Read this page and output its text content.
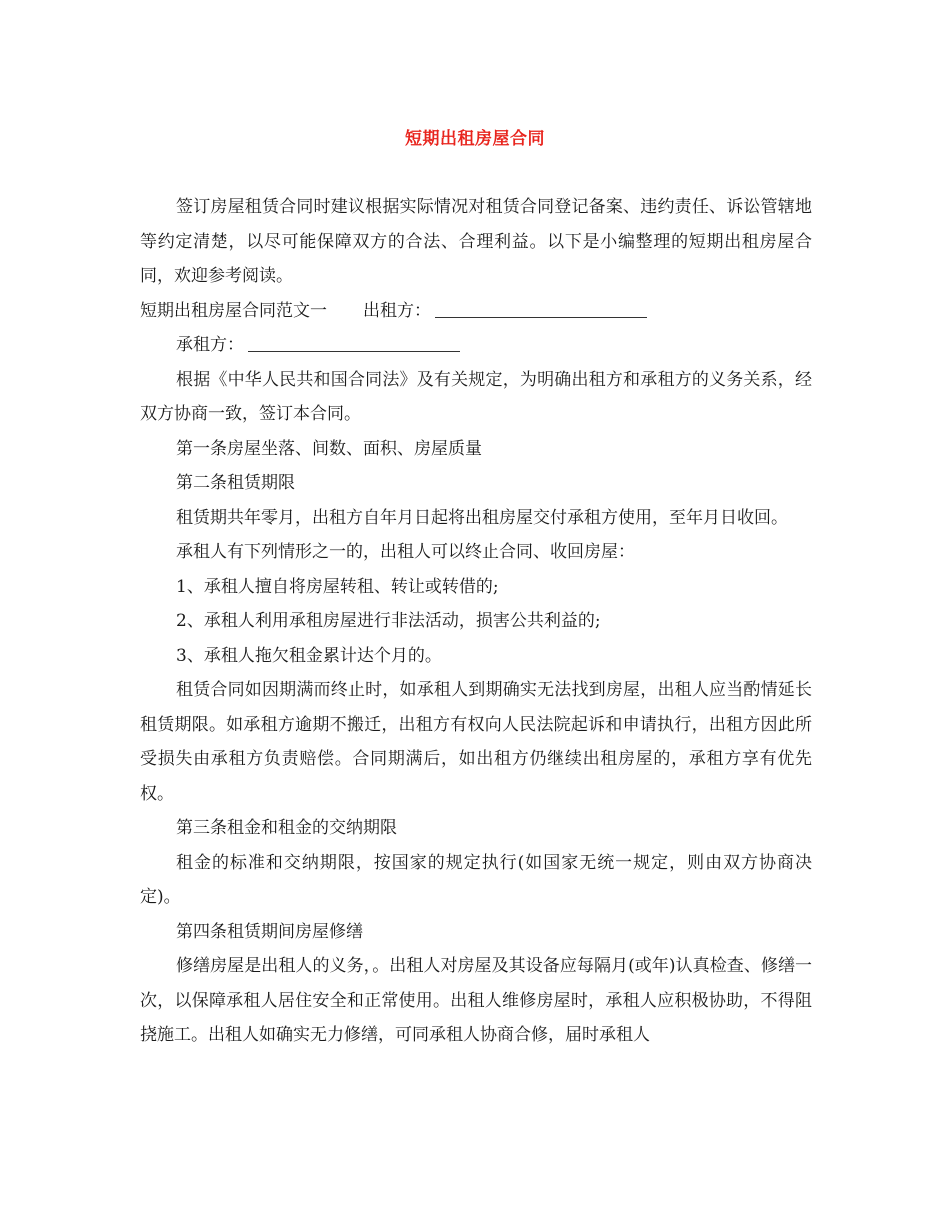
短期出租房屋合同

签订房屋租赁合同时建议根据实际情况对租赁合同登记备案、违约责任、诉讼管辖地等约定清楚，以尽可能保障双方的合法、合理利益。以下是小编整理的短期出租房屋合同，欢迎参考阅读。

短期出租房屋合同范文一 出租方：

承租方：

根据《中华人民共和国合同法》及有关规定，为明确出租方和承租方的义务关系，经双方协商一致，签订本合同。

第一条房屋坐落、间数、面积、房屋质量

第二条租赁期限

租赁期共年零月，出租方自年月日起将出租房屋交付承租方使用，至年月日收回。

承租人有下列情形之一的，出租人可以终止合同、收回房屋：

1、承租人擅自将房屋转租、转让或转借的;

2、承租人利用承租房屋进行非法活动，损害公共利益的;

3、承租人拖欠租金累计达个月的。

租赁合同如因期满而终止时，如承租人到期确实无法找到房屋，出租人应当酌情延长租赁期限。如承租方逾期不搬迁，出租方有权向人民法院起诉和申请执行，出租方因此所受损失由承租方负责赔偿。合同期满后，如出租方仍继续出租房屋的，承租方享有优先权。

第三条租金和租金的交纳期限

租金的标准和交纳期限，按国家的规定执行(如国家无统一规定，则由双方协商决定)。

第四条租赁期间房屋修缮

修缮房屋是出租人的义务，。出租人对房屋及其设备应每隔月(或年)认真检查、修缮一次，以保障承租人居住安全和正常使用。出租人维修房屋时，承租人应积极协助，不得阻挠施工。出租人如确实无力修缮，可同承租人协商合修，届时承租人
